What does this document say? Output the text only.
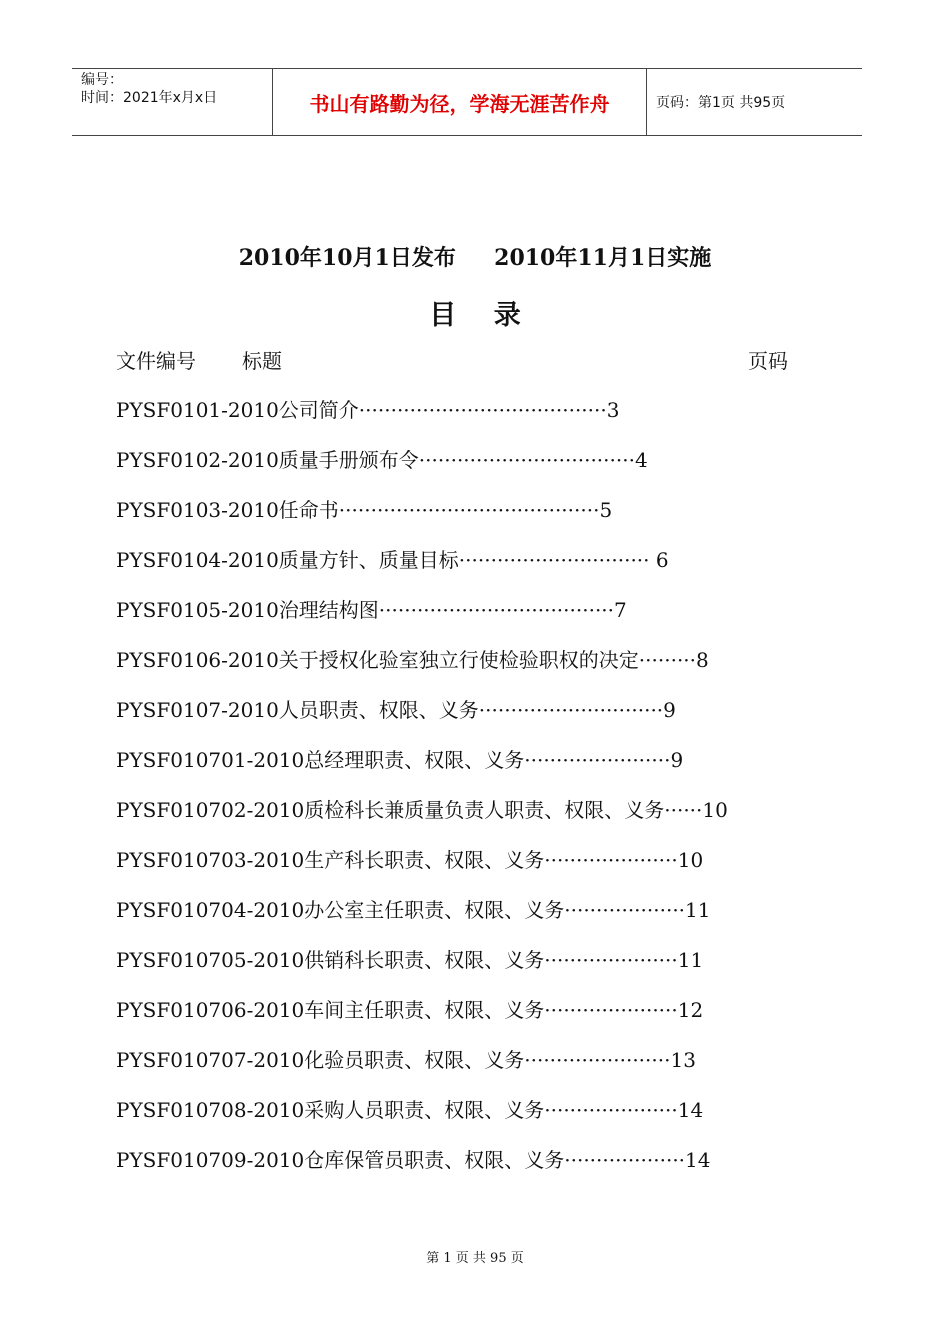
编号：
时间：2021年x月x日	书山有路勤为径，学海无涯苦作舟	页码：第1页 共95页
2010年10月1日发布     2010年11月1日实施
目    录
文件编号 标题	页码
PYSF0101-2010公司简介·······································3
PYSF0102-2010质量手册颁布令··································4
PYSF0103-2010任命书·········································5
PYSF0104-2010质量方针、质量目标······························ 6
PYSF0105-2010治理结构图·····································7
PYSF0106-2010关于授权化验室独立行使检验职权的决定·········8
PYSF0107-2010人员职责、权限、义务·····························9
PYSF010701-2010总经理职责、权限、义务·······················9
PYSF010702-2010质检科长兼质量负责人职责、权限、义务······10
PYSF010703-2010生产科长职责、权限、义务·····················10
PYSF010704-2010办公室主任职责、权限、义务···················11
PYSF010705-2010供销科长职责、权限、义务·····················11
PYSF010706-2010车间主任职责、权限、义务·····················12
PYSF010707-2010化验员职责、权限、义务·······················13
PYSF010708-2010采购人员职责、权限、义务·····················14
PYSF010709-2010仓库保管员职责、权限、义务···················14
第 1 页 共 95 页
